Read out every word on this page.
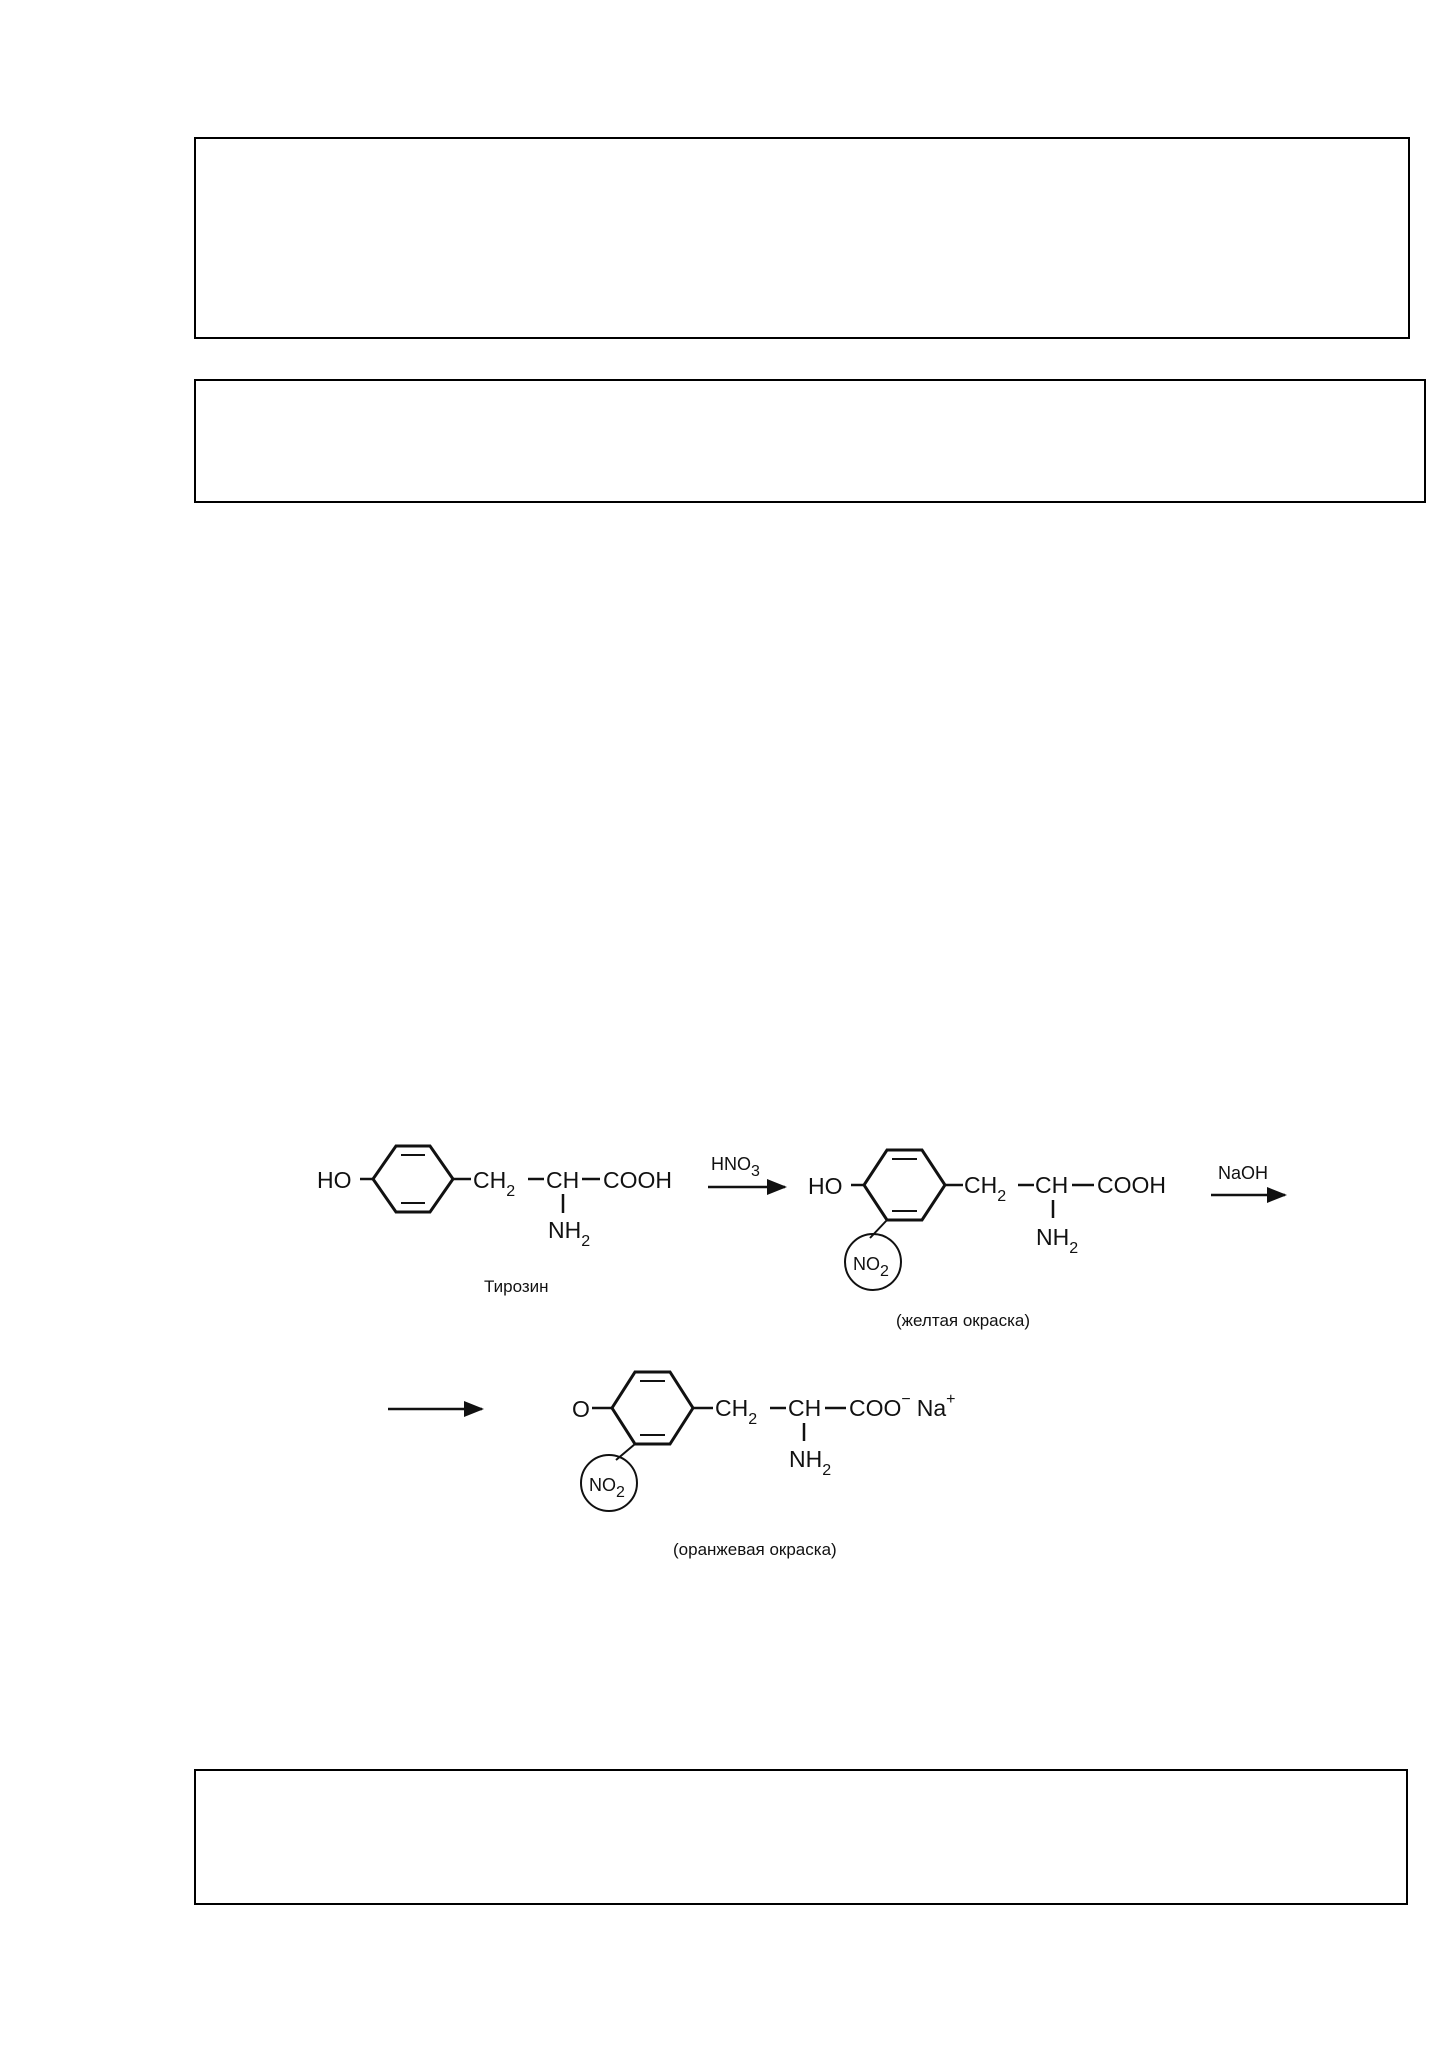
HO	$CH_2$ CH COOH
$NH_2$
Тирозин
HNO3
HO	$CH_2$ CH COOH
$NH_2$
NO2
(желтая окраска)
NaOH
O	$CH_2$ CH COO− Na+
$NH_2$
NO2
(оранжевая окраска)
